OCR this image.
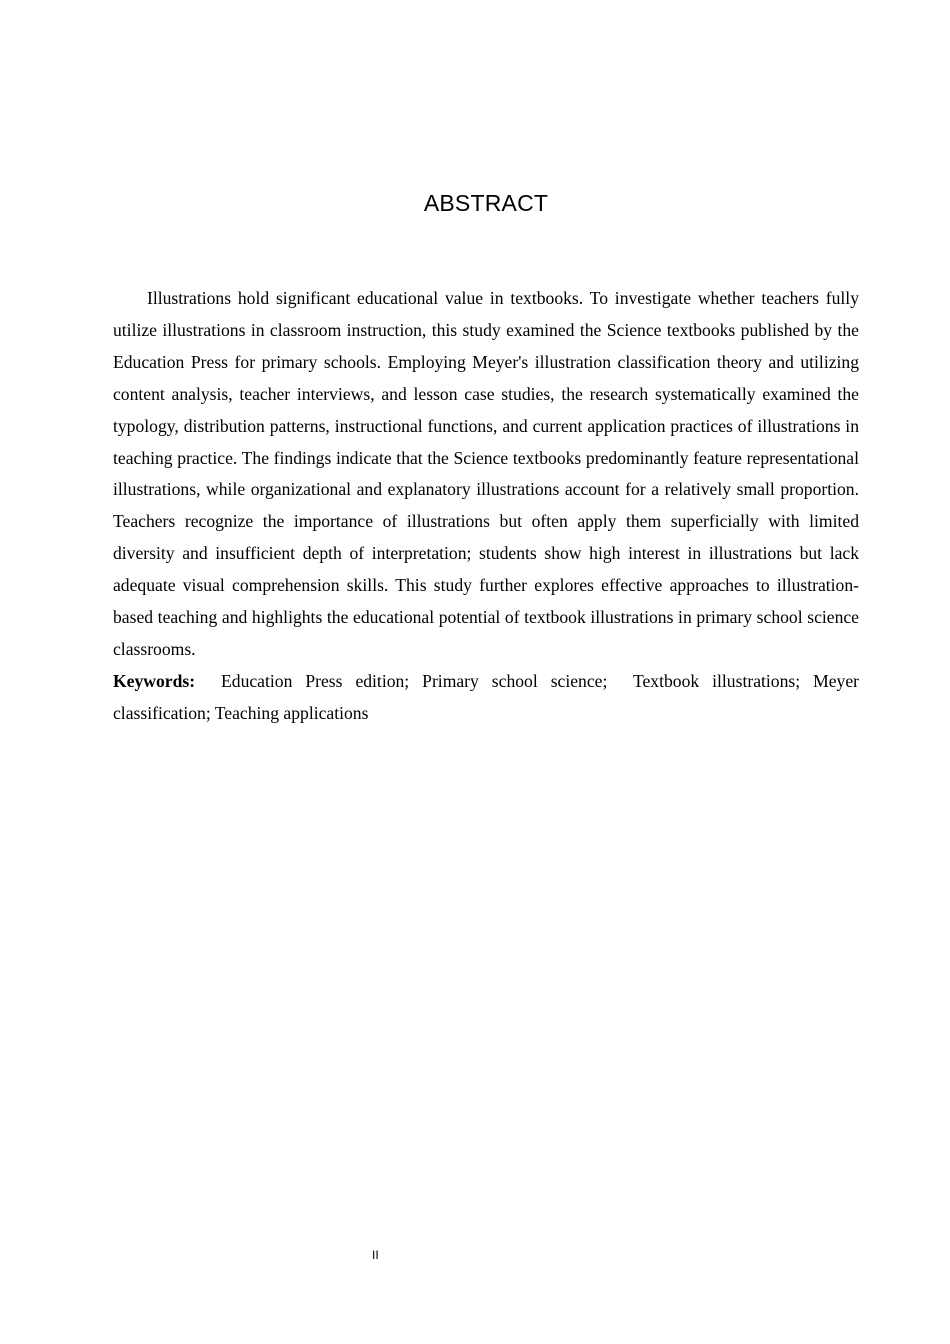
ABSTRACT

Illustrations hold significant educational value in textbooks. To investigate whether teachers fully utilize illustrations in classroom instruction, this study examined the Science textbooks published by the Education Press for primary schools. Employing Meyer's illustration classification theory and utilizing content analysis, teacher interviews, and lesson case studies, the research systematically examined the typology, distribution patterns, instructional functions, and current application practices of illustrations in teaching practice. The findings indicate that the Science textbooks predominantly feature representational illustrations, while organizational and explanatory illustrations account for a relatively small proportion. Teachers recognize the importance of illustrations but often apply them superficially with limited diversity and insufficient depth of interpretation; students show high interest in illustrations but lack adequate visual comprehension skills. This study further explores effective approaches to illustration-based teaching and highlights the educational potential of textbook illustrations in primary school science classrooms.

Keywords: Education Press edition; Primary school science;  Textbook illustrations; Meyer classification; Teaching applications

II
